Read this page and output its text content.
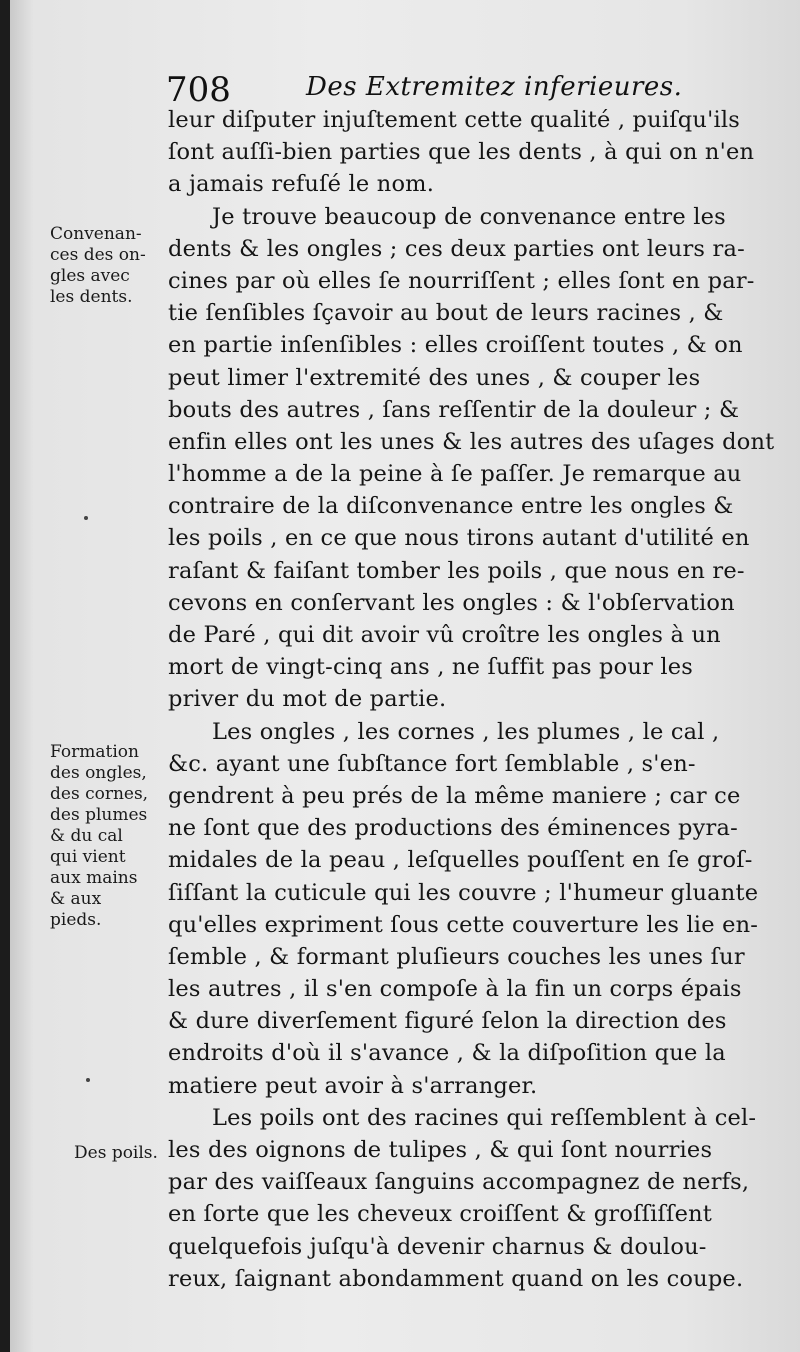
708	Des Extremitez inferieures.
leur diſputer injuſtement cette qualité , puiſqu'ils
ſont auſſi-bien parties que les dents , à qui on n'en
a jamais refuſé le nom.
Je trouve beaucoup de convenance entre les
dents & les ongles ; ces deux parties ont leurs ra-
cines par où elles ſe nourriſſent ; elles ſont en par-
tie ſenſibles ſçavoir au bout de leurs racines , &
en partie inſenſibles : elles croiſſent toutes , & on
peut limer l'extremité des unes , & couper les
bouts des autres , ſans reſſentir de la douleur ; &
enfin elles ont les unes & les autres des uſages dont
l'homme a de la peine à ſe paſſer. Je remarque au
contraire de la diſconvenance entre les ongles &
les poils , en ce que nous tirons autant d'utilité en
raſant & faiſant tomber les poils , que nous en re-
cevons en conſervant les ongles : & l'obſervation
de Paré , qui dit avoir vû croître les ongles à un
mort de vingt-cinq ans , ne ſuffit pas pour les
priver du mot de partie.
Les ongles , les cornes , les plumes , le cal ,
&c. ayant une ſubſtance fort ſemblable , s'en-
gendrent à peu prés de la même maniere ; car ce
ne ſont que des productions des éminences pyra-
midales de la peau , leſquelles pouſſent en ſe groſ-
ſiſſant la cuticule qui les couvre ; l'humeur gluante
qu'elles expriment ſous cette couverture les lie en-
ſemble , & formant pluſieurs couches les unes ſur
les autres , il s'en compoſe à la fin un corps épais
& dure diverſement figuré ſelon la direction des
endroits d'où il s'avance , & la diſpoſition que la
matiere peut avoir à s'arranger.
Les poils ont des racines qui reſſemblent à cel-
les des oignons de tulipes , & qui ſont nourries
par des vaiſſeaux ſanguins accompagnez de nerfs,
en ſorte que les cheveux croiſſent & groſſiſſent
quelquefois juſqu'à devenir charnus & doulou-
reux, ſaignant abondamment quand on les coupe.
Convenan-
ces des on-
gles avec
les dents.
Formation
des ongles,
des cornes,
des plumes
& du cal
qui vient
aux mains
& aux
pieds.
Des poils.
